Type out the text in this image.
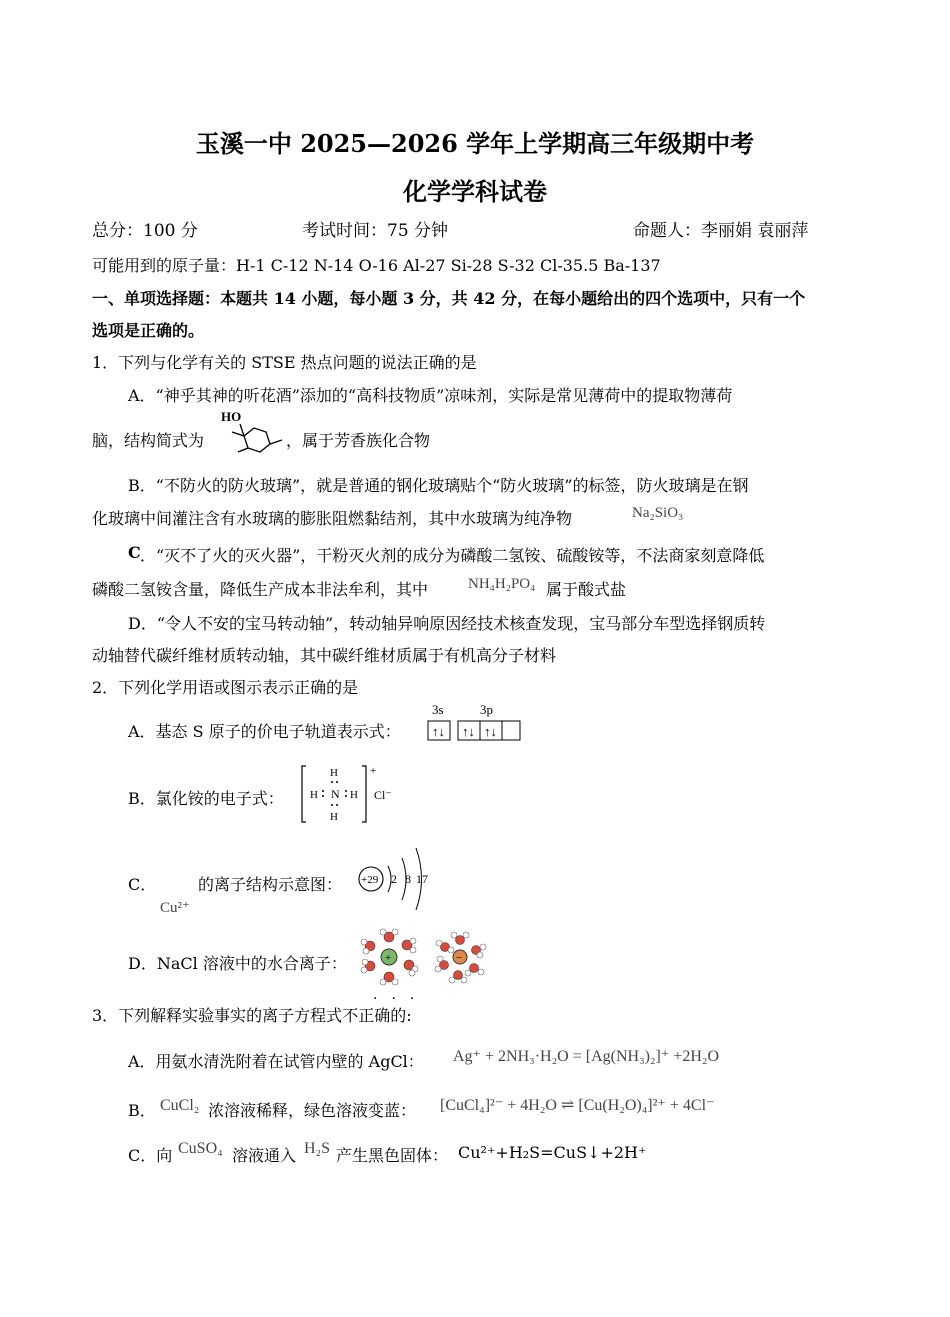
玉溪一中 2025—2026 学年上学期高三年级期中考
化学学科试卷
总分：100 分	考试时间：75 分钟	命题人：李丽娟 袁丽萍
可能用到的原子量：H-1 C-12 N-14 O-16 Al-27 Si-28 S-32 Cl-35.5 Ba-137
一、单项选择题：本题共 14 小题，每小题 3 分，共 42 分，在每小题给出的四个选项中，只有一个
选项是正确的。
1．下列与化学有关的 STSE 热点问题的说法正确的是
A．“神乎其神的听花酒”添加的“高科技物质”凉味剂，实际是常见薄荷中的提取物薄荷
脑，结构简式为
HO
，属于芳香族化合物
B．“不防火的防火玻璃”，就是普通的钢化玻璃贴个“防火玻璃”的标签，防火玻璃是在钢
化玻璃中间灌注含有水玻璃的膨胀阻燃黏结剂，其中水玻璃为纯净物	Na₂SiO₃
C ．“灭不了火的灭火器”，干粉灭火剂的成分为磷酸二氢铵、硫酸铵等，不法商家刻意降低
磷酸二氢铵含量，降低生产成本非法牟利，其中	NH₄H₂PO₄ 属于酸式盐
D．“令人不安的宝马转动轴”，转动轴异响原因经技术核查发现，宝马部分车型选择钢质转
动轴替代碳纤维材质转动轴，其中碳纤维材质属于有机高分子材料
2．下列化学用语或图示表示正确的是
A．基态 S 原子的价电子轨道表示式：
3s	3p
↑↓ ↑↓ ↑↓
B．氯化铵的电子式：
+
H
H N H
H
Cl⁻
C．
Cu²⁺
的离子结构示意图： +29 2 8 17
D．NaCl 溶液中的水合离子：	+	−
3．下列解释实验事实的离子方程式不正确的:
···
A．用氨水清洗附着在试管内壁的 AgCl： Ag⁺ + 2NH₃·H₂O = [Ag(NH₃)₂]⁺ +2H₂O
B． CuCl₂ 浓溶液稀释，绿色溶液变蓝： [CuCl₄]²⁻ + 4H₂O ⇌ [Cu(H₂O)₄]²⁺ + 4Cl⁻
C．向 CuSO₄ 溶液通入 H₂S 产生黑色固体： Cu²⁺+H₂S=CuS↓+2H⁺
